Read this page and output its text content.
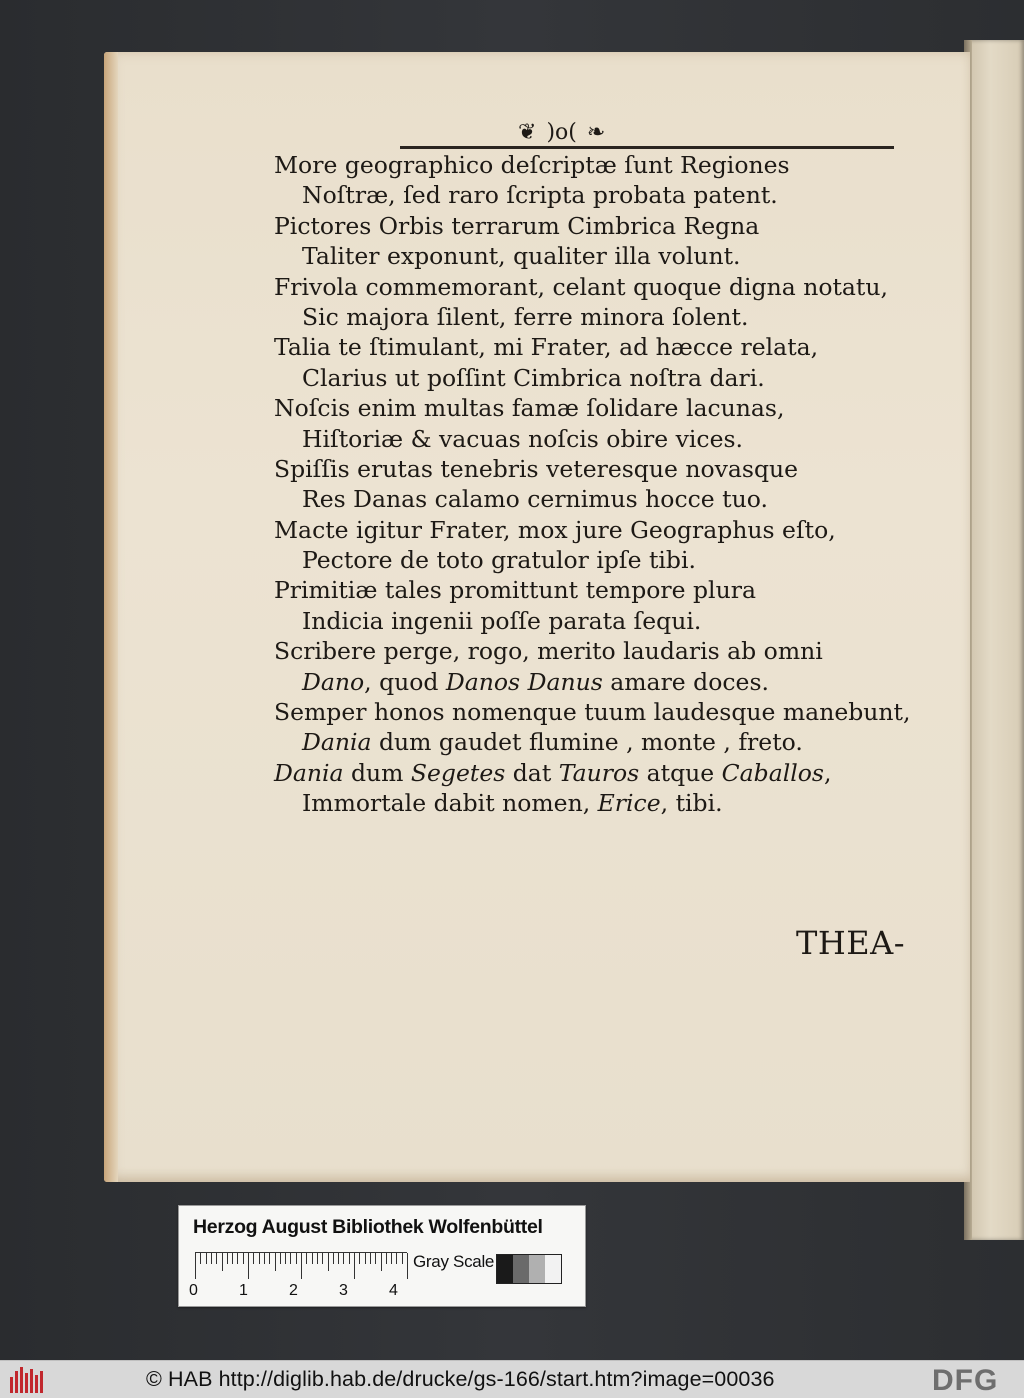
❦ )o( ❧
More geographico deſcriptæ ſunt Regiones
Noſtræ, ſed raro ſcripta probata patent.
Pictores Orbis terrarum Cimbrica Regna
Taliter exponunt, qualiter illa volunt.
Frivola commemorant, celant quoque digna notatu,
Sic majora ſilent, ferre minora ſolent.
Talia te ſtimulant, mi Frater, ad hæcce relata,
Clarius ut poſſint Cimbrica noſtra dari.
Noſcis enim multas famæ ſolidare lacunas,
Hiſtoriæ & vacuas noſcis obire vices.
Spiſſis erutas tenebris veteresque novasque
Res Danas calamo cernimus hocce tuo.
Macte igitur Frater, mox jure Geographus eſto,
Pectore de toto gratulor ipſe tibi.
Primitiæ tales promittunt tempore plura
Indicia ingenii poſſe parata ſequi.
Scribere perge, rogo, merito laudaris ab omni
Dano, quod Danos Danus amare doces.
Semper honos nomenque tuum laudesque manebunt,
Dania dum gaudet flumine , monte , freto.
Dania dum Segetes dat Tauros atque Caballos,
Immortale dabit nomen, Erice, tibi.
THEA-
Herzog August Bibliothek Wolfenbüttel
0	1	2	3	4
Gray Scale
© HAB http://diglib.hab.de/drucke/gs-166/start.htm?image=00036	DFG
